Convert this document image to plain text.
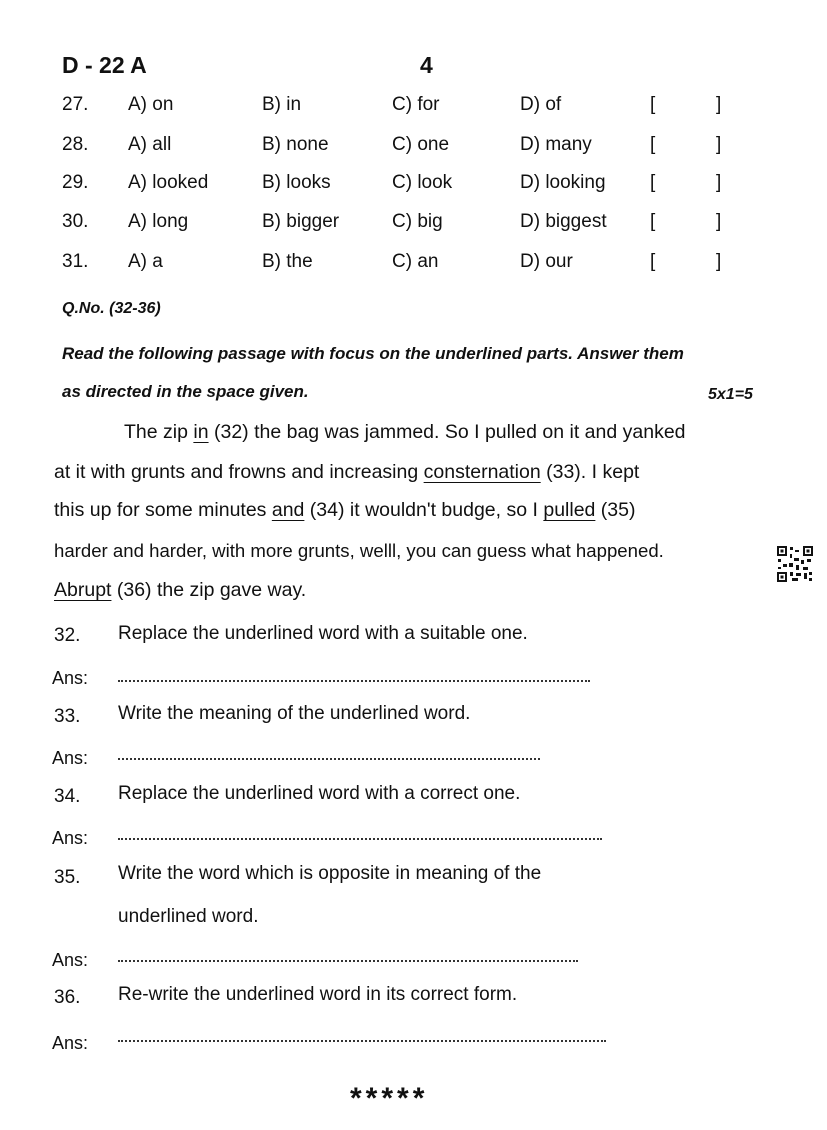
D - 22 A	4
27. A) on	B) in	C) for	D) of	[	]
28. A) all	B) none	C) one	D) many	[	]
29. A) looked	B) looks	C) look	D) looking [	]
30. A) long	B) bigger	C) big	D) biggest [	]
31. A) a	B) the	C) an	D) our	[	]
Q.No. (32-36)
Read the following passage with focus on the underlined parts. Answer them
as directed in the space given.	5x1=5
The zip in (32) the bag was jammed. So I pulled on it and yanked
at it with grunts and frowns and increasing consternation (33). I kept
this up for some minutes and (34) it wouldn't budge, so I pulled (35)
harder and harder, with more grunts, welll, you can guess what happened.
Abrupt (36) the zip gave way.
32. Replace the underlined word with a suitable one.
Ans:
33. Write the meaning of the underlined word.
Ans:
34. Replace the underlined word with a correct one.
Ans:
35. Write the word which is opposite in meaning of the
underlined word.
Ans:
36. Re-write the underlined word in its correct form.
Ans:
*****
